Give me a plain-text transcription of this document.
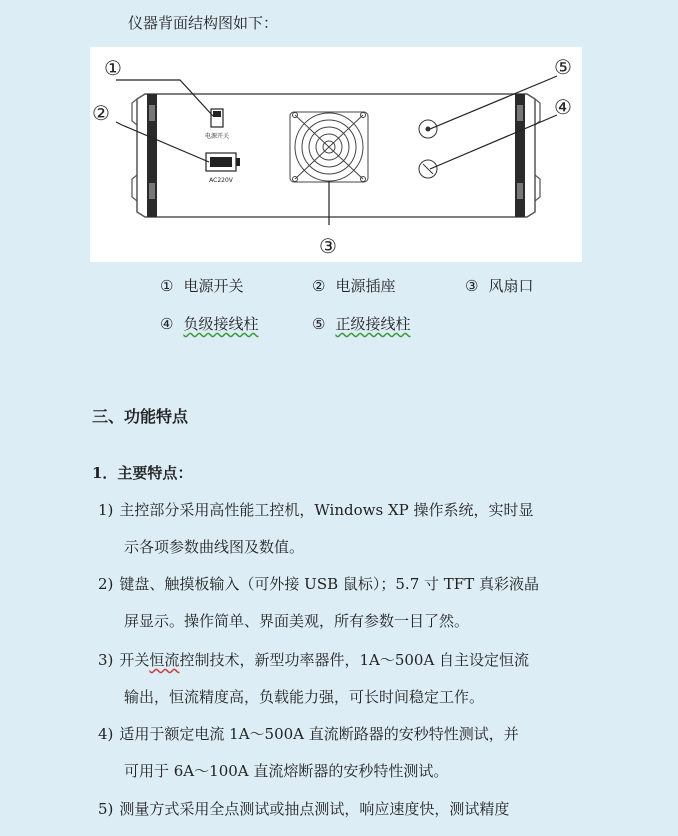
仪器背面结构图如下：
电源开关
AC220V
①
②
③
④
⑤
① 电源开关	② 电源插座	③ 风扇口
④ 负级接线柱	⑤ 正级接线柱
三、功能特点
1．主要特点：
1) 主控部分采用高性能工控机，Windows XP 操作系统，实时显
示各项参数曲线图及数值。
2) 键盘、触摸板输入（可外接 USB 鼠标）；5.7 寸 TFT 真彩液晶
屏显示。操作简单、界面美观，所有参数一目了然。
3) 开关恒流控制技术，新型功率器件，1A～500A 自主设定恒流
输出，恒流精度高，负载能力强，可长时间稳定工作。
4) 适用于额定电流 1A～500A 直流断路器的安秒特性测试，并
可用于 6A～100A 直流熔断器的安秒特性测试。
5) 测量方式采用全点测试或抽点测试，响应速度快，测试精度
